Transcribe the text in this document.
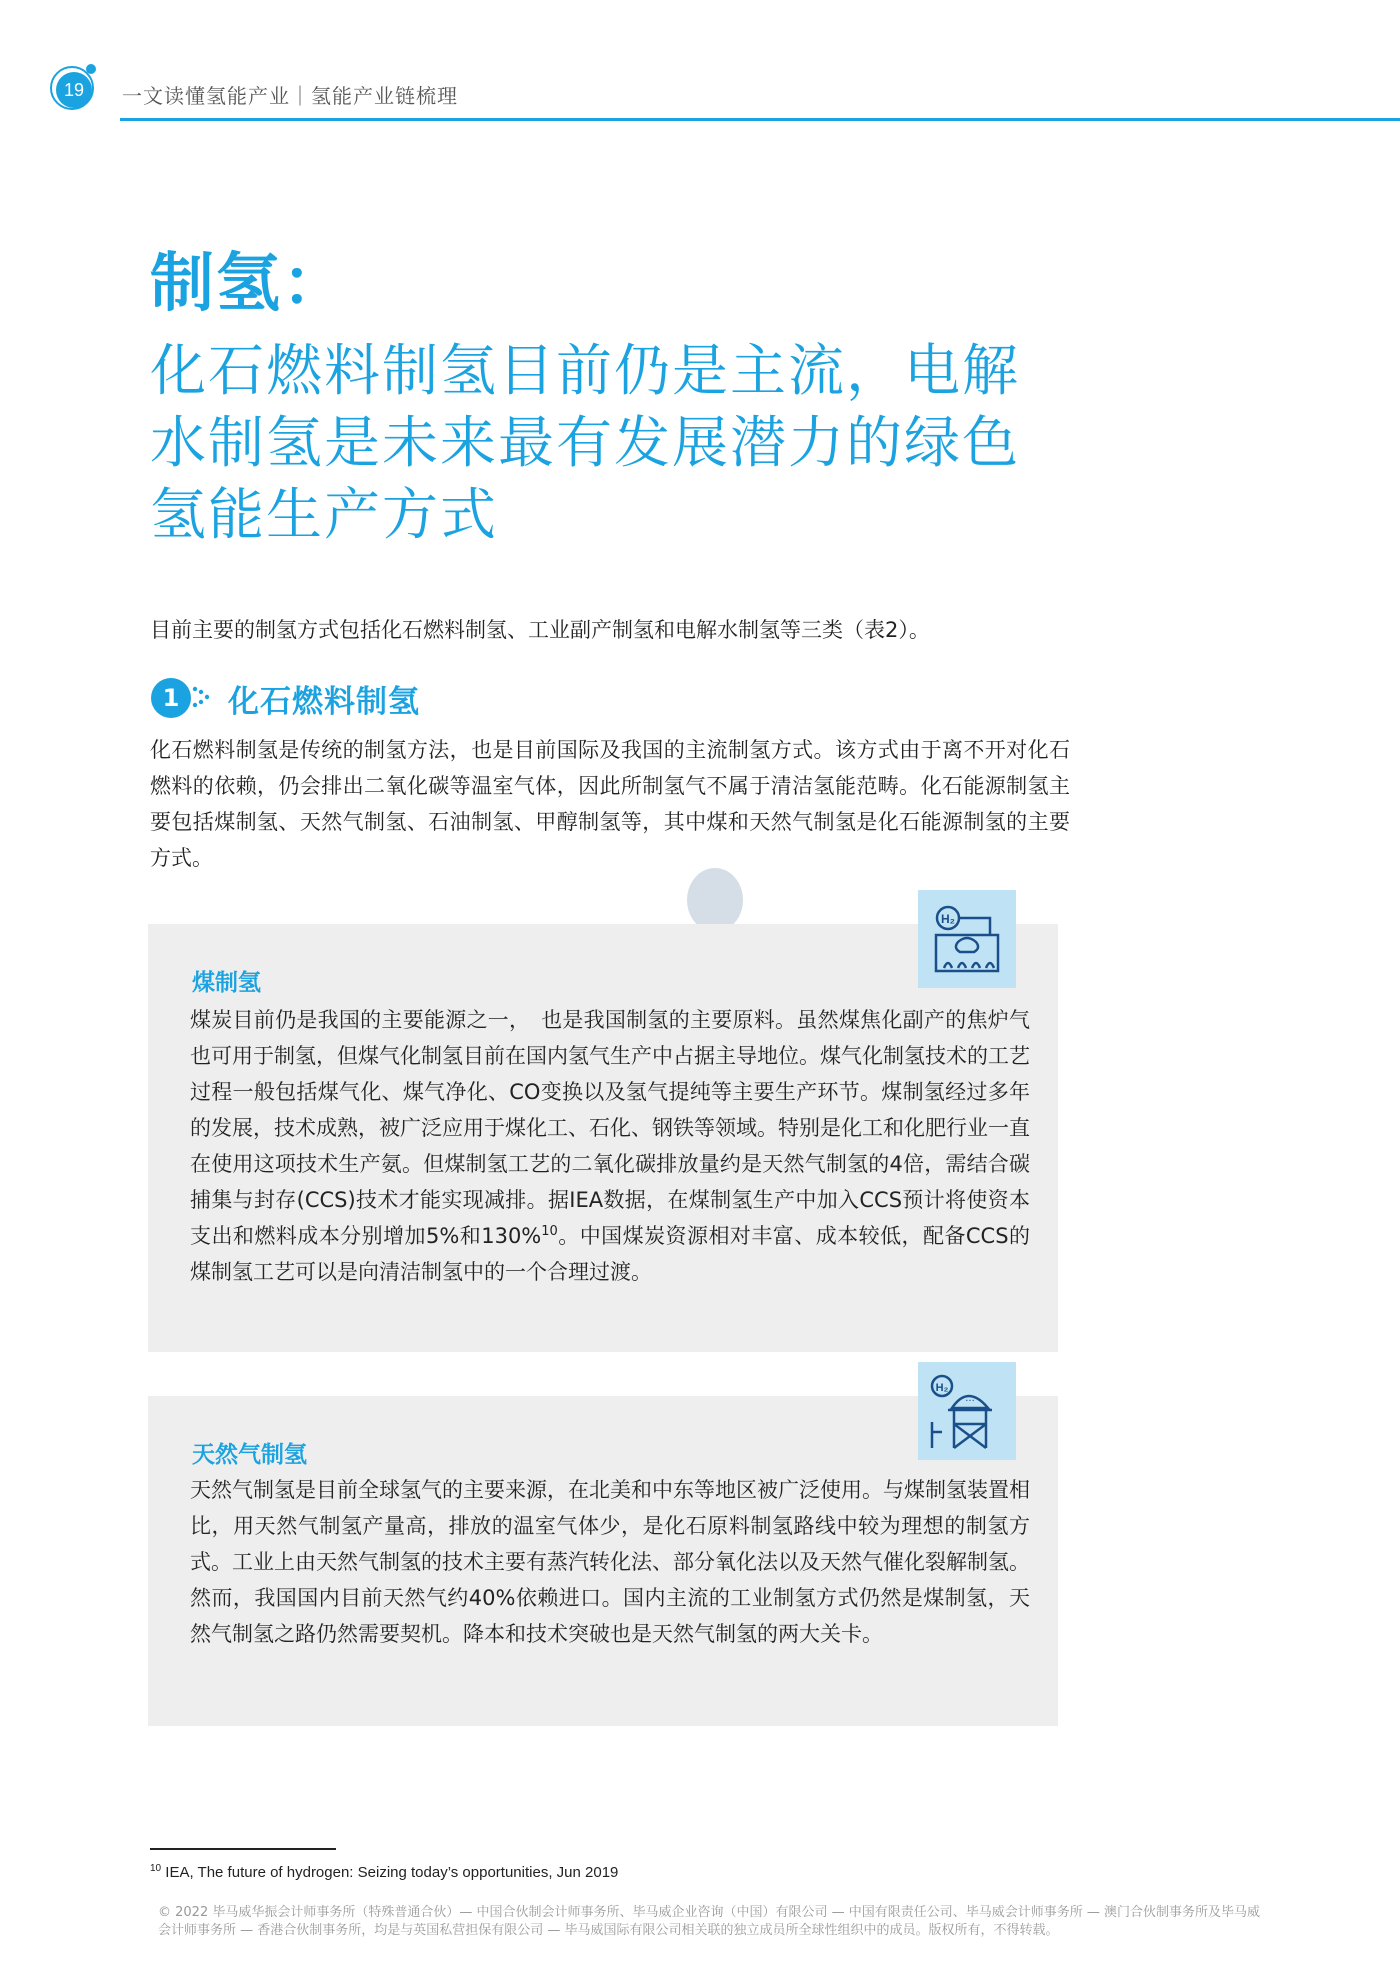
19	一文读懂氢能产业｜氢能产业链梳理
制氢：
化石燃料制氢目前仍是主流，电解水制氢是未来最有发展潜力的绿色氢能生产方式
目前主要的制氢方式包括化石燃料制氢、工业副产制氢和电解水制氢等三类（表2）。
1	化石燃料制氢
化石燃料制氢是传统的制氢方法，也是目前国际及我国的主流制氢方式。该方式由于离不开对化石燃料的依赖，仍会排出二氧化碳等温室气体，因此所制氢气不属于清洁氢能范畴。化石能源制氢主要包括煤制氢、天然气制氢、石油制氢、甲醇制氢等，其中煤和天然气制氢是化石能源制氢的主要方式。
煤制氢
煤炭目前仍是我国的主要能源之一，　也是我国制氢的主要原料。虽然煤焦化副产的焦炉气也可用于制氢，但煤气化制氢目前在国内氢气生产中占据主导地位。煤气化制氢技术的工艺过程一般包括煤气化、煤气净化、CO变换以及氢气提纯等主要生产环节。煤制氢经过多年的发展，技术成熟，被广泛应用于煤化工、石化、钢铁等领域。特别是化工和化肥行业一直在使用这项技术生产氨。但煤制氢工艺的二氧化碳排放量约是天然气制氢的4倍，需结合碳捕集与封存(CCS)技术才能实现减排。据IEA数据，在煤制氢生产中加入CCS预计将使资本支出和燃料成本分别增加5%和130%$^{10}$。中国煤炭资源相对丰富、成本较低，配备CCS的煤制氢工艺可以是向清洁制氢中的一个合理过渡。
H₂
天然气制氢
天然气制氢是目前全球氢气的主要来源，在北美和中东等地区被广泛使用。与煤制氢装置相比，用天然气制氢产量高，排放的温室气体少，是化石原料制氢路线中较为理想的制氢方式。工业上由天然气制氢的技术主要有蒸汽转化法、部分氧化法以及天然气催化裂解制氢。然而，我国国内目前天然气约40%依赖进口。国内主流的工业制氢方式仍然是煤制氢，天然气制氢之路仍然需要契机。降本和技术突破也是天然气制氢的两大关卡。
H₂
···
$^{10}$ IEA, The future of hydrogen: Seizing today’s opportunities, Jun 2019
© 2022 毕马威华振会计师事务所（特殊普通合伙）— 中国合伙制会计师事务所、毕马威企业咨询（中国）有限公司 — 中国有限责任公司、毕马威会计师事务所 — 澳门合伙制事务所及毕马威会计师事务所 — 香港合伙制事务所，均是与英国私营担保有限公司 — 毕马威国际有限公司相关联的独立成员所全球性组织中的成员。版权所有，不得转载。
